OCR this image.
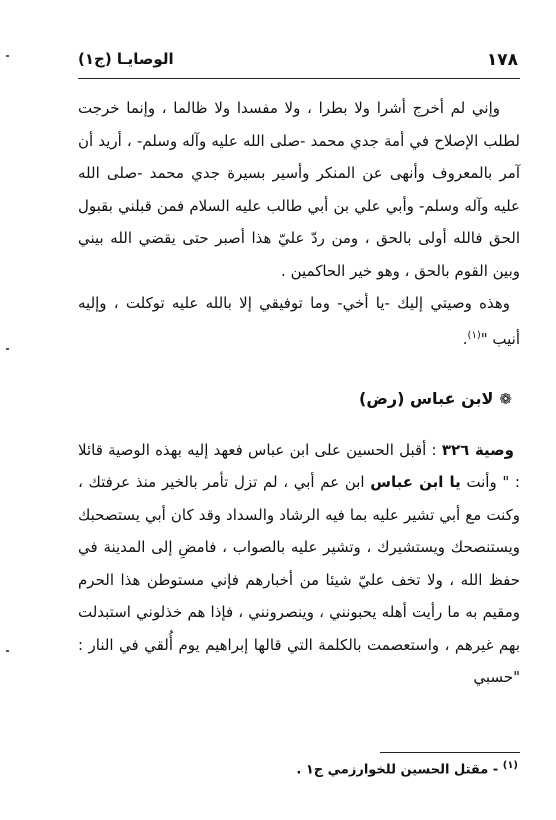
١٧٨
الوصايـا (ج١)

وإني لم أخرج أشرا ولا بطرا ، ولا مفسدا ولا ظالما ، وإنما خرجت لطلب الإصلاح في أمة جدي محمد -صلى الله عليه وآله وسلم- ، أريد أن آمر بالمعروف وأنهى عن المنكر وأسير بسيرة جدي محمد -صلى الله عليه وآله وسلم- وأبي علي بن أبي طالب عليه السلام فمن قبلني بقبول الحق فالله أولى بالحق ، ومن ردّ عليّ هذا أصبر حتى يقضي الله بيني وبين القوم بالحق ، وهو خير الحاكمين .

وهذه وصيتي إليك -يا أخي- وما توفيقي إلا بالله عليه توكلت ، وإليه أنيب "$^{(١)}$.

❁لابن عباس (رض)

وصية ٣٢٦ : أقبل الحسين على ابن عباس فعهد إليه بهذه الوصية قائلا : " وأنت يا ابن عباس ابن عم أبي ، لم تزل تأمر بالخير منذ عرفتك ، وكنت مع أبي تشير عليه بما فيه الرشاد والسداد وقد كان أبي يستصحبك ويستنصحك ويستشيرك ، وتشير عليه بالصواب ، فامضِ إلى المدينة في حفظ الله ، ولا تخف عليّ شيئا من أخبارهم فإني مستوطن هذا الحرم ومقيم به ما رأيت أهله يحبونني ، وينصرونني ، فإذا هم خذلوني استبدلت بهم غيرهم ، واستعصمت بالكلمة التي قالها إبراهيم يوم أُلقي في النار : "حسبي

$^{(١)}$ - مقتل الحسين للخوارزمي ج١ .
